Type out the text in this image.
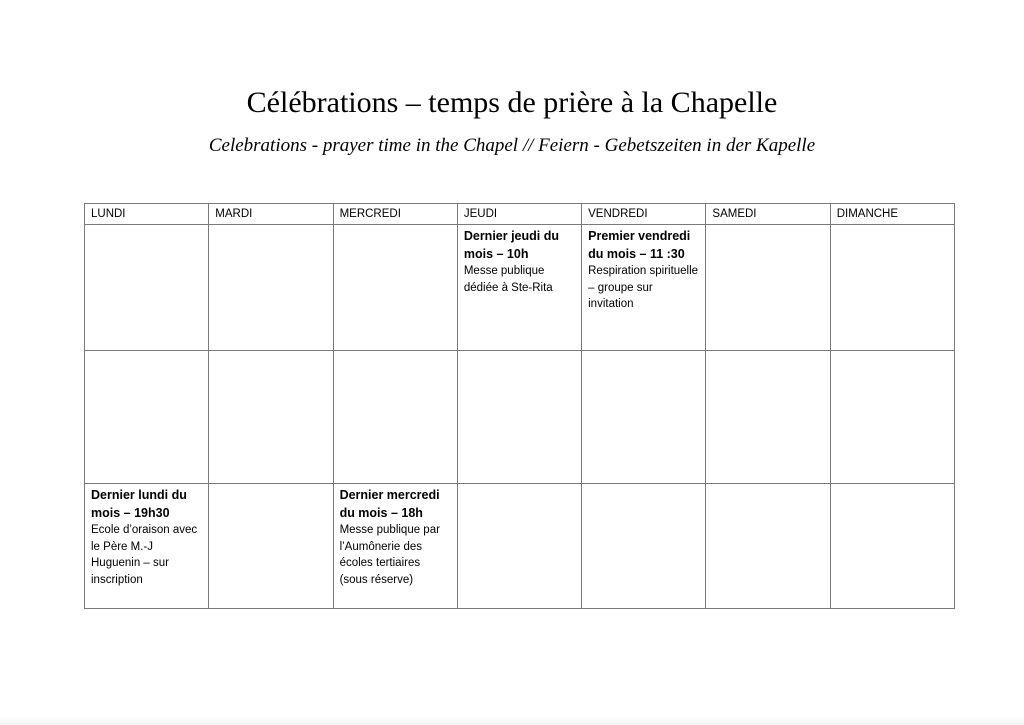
Célébrations – temps de prière à la Chapelle

Celebrations - prayer time in the Chapel // Feiern - Gebetszeiten in der Kapelle

LUNDI	MARDI	MERCREDI	JEUDI	VENDREDI	SAMEDI	DIMANCHE

			Dernier jeudi du mois – 10h
Messe publique dédiée à Ste-Rita	Premier vendredi du mois – 11 :30
Respiration spirituelle – groupe sur invitation		

Dernier lundi du mois – 19h30
Ecole d’oraison avec le Père M.-J Huguenin – sur inscription		Dernier mercredi du mois – 18h
Messe publique par l’Aumônerie des écoles tertiaires (sous réserve)				
